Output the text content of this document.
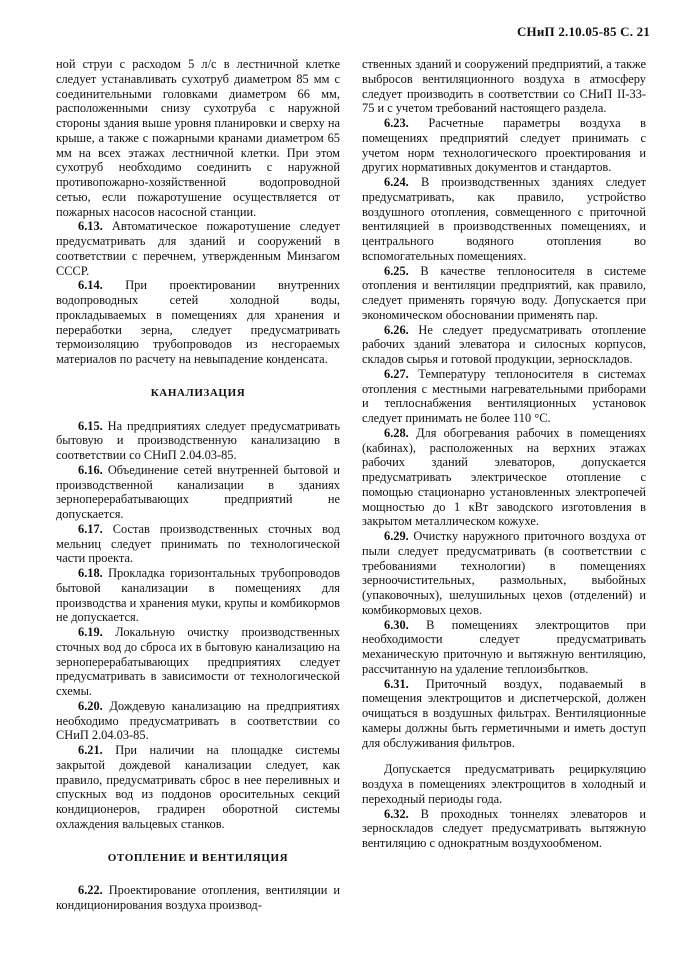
СНиП 2.10.05-85 С. 21

ной струи с расходом 5 л/с в лестничной клетке следует устанавливать сухотруб диаметром 85 мм с соединительными головками диаметром 66 мм, расположенными снизу сухотруба с наружной стороны здания выше уровня планировки и сверху на крыше, а также с пожарными кранами диаметром 65 мм на всех этажах лестничной клетки. При этом сухотруб необходимо соединить с наружной противопожарно-хозяйственной водопроводной сетью, если пожаротушение осуществляется от пожарных насосов насосной станции.

6.13. Автоматическое пожаротушение следует предусматривать для зданий и сооружений в соответствии с перечнем, утвержденным Минзагом СССР.

6.14. При проектировании внутренних водопроводных сетей холодной воды, прокладываемых в помещениях для хранения и переработки зерна, следует предусматривать термоизоляцию трубопроводов из несгораемых материалов по расчету на невыпадение конденсата.

КАНАЛИЗАЦИЯ

6.15. На предприятиях следует предусматривать бытовую и производственную канализацию в соответствии со СНиП 2.04.03-85.

6.16. Объединение сетей внутренней бытовой и производственной канализации в зданиях зерноперерабатывающих предприятий не допускается.

6.17. Состав производственных сточных вод мельниц следует принимать по технологической части проекта.

6.18. Прокладка горизонтальных трубопроводов бытовой канализации в помещениях для производства и хранения муки, крупы и комбикормов не допускается.

6.19. Локальную очистку производственных сточных вод до сброса их в бытовую канализацию на зерноперерабатывающих предприятиях следует предусматривать в зависимости от технологической схемы.

6.20. Дождевую канализацию на предприятиях необходимо предусматривать в соответствии со СНиП 2.04.03-85.

6.21. При наличии на площадке системы закрытой дождевой канализации следует, как правило, предусматривать сброс в нее переливных и спускных вод из поддонов оросительных секций кондиционеров, градирен оборотной системы охлаждения вальцевых станков.

ОТОПЛЕНИЕ И ВЕНТИЛЯЦИЯ

6.22. Проектирование отопления, вентиляции и кондиционирования воздуха производ-

ственных зданий и сооружений предприятий, а также выбросов вентиляционного воздуха в атмосферу следует производить в соответствии со СНиП II-33-75 и с учетом требований настоящего раздела.

6.23. Расчетные параметры воздуха в помещениях предприятий следует принимать с учетом норм технологического проектирования и других нормативных документов и стандартов.

6.24. В производственных зданиях следует предусматривать, как правило, устройство воздушного отопления, совмещенного с приточной вентиляцией в производственных помещениях, и центрального водяного отопления во вспомогательных помещениях.

6.25. В качестве теплоносителя в системе отопления и вентиляции предприятий, как правило, следует применять горячую воду. Допускается при экономическом обосновании применять пар.

6.26. Не следует предусматривать отопление рабочих зданий элеватора и силосных корпусов, складов сырья и готовой продукции, зерноскладов.

6.27. Температуру теплоносителя в системах отопления с местными нагревательными приборами и теплоснабжения вентиляционных установок следует принимать не более 110 °С.

6.28. Для обогревания рабочих в помещениях (кабинах), расположенных на верхних этажах рабочих зданий элеваторов, допускается предусматривать электрическое отопление с помощью стационарно установленных электропечей мощностью до 1 кВт заводского изготовления в закрытом металлическом кожухе.

6.29. Очистку наружного приточного воздуха от пыли следует предусматривать (в соответствии с требованиями технологии) в помещениях зерноочистительных, размольных, выбойных (упаковочных), шелушильных цехов (отделений) и комбикормовых цехов.

6.30. В помещениях электрощитов при необходимости следует предусматривать механическую приточную и вытяжную вентиляцию, рассчитанную на удаление теплоизбытков.

6.31. Приточный воздух, подаваемый в помещения электрощитов и диспетчерской, должен очищаться в воздушных фильтрах. Вентиляционные камеры должны быть герметичными и иметь доступ для обслуживания фильтров.

Допускается предусматривать рециркуляцию воздуха в помещениях электрощитов в холодный и переходный периоды года.

6.32. В проходных тоннелях элеваторов и зерноскладов следует предусматривать вытяжную вентиляцию с однократным воздухообменом.
